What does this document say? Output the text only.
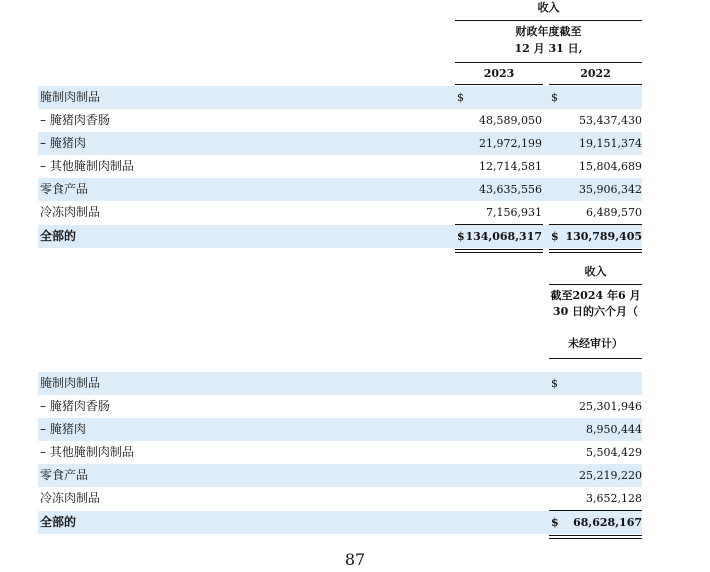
收入
财政年度截至
12 月 31 日,
2023	2022
腌制肉制品	$	$
– 腌猪肉香肠	48,589,050	53,437,430
– 腌猪肉	21,972,199	19,151,374
– 其他腌制肉制品	12,714,581	15,804,689
零食产品	43,635,556	35,906,342
冷冻肉制品	7,156,931	6,489,570
全部的	$ 134,068,317 $ 130,789,405
收入
截至2024 年6 月
30 日的六个月（
未经审计）
腌制肉制品	$
– 腌猪肉香肠	25,301,946
– 腌猪肉	8,950,444
– 其他腌制肉制品	5,504,429
零食产品	25,219,220
冷冻肉制品	3,652,128
全部的	$ 68,628,167
87
